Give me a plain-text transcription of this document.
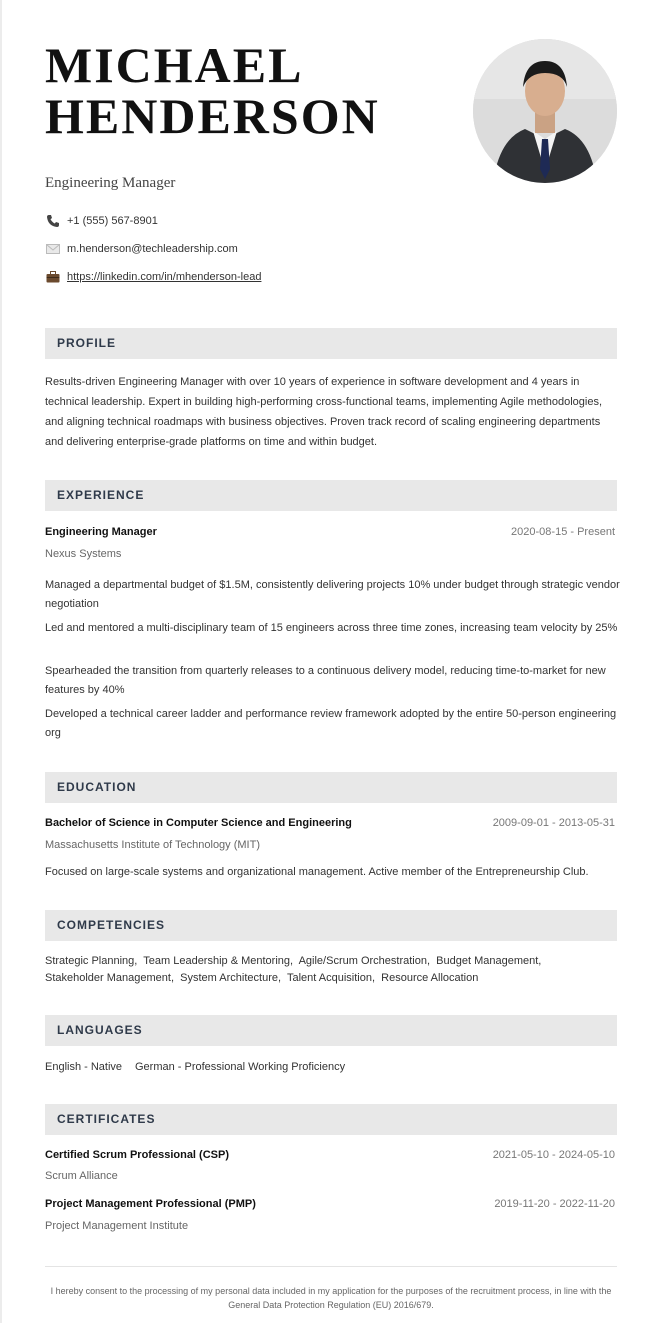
MICHAEL
HENDERSON
Engineering Manager
+1 (555) 567-8901
m.henderson@techleadership.com
https://linkedin.com/in/mhenderson-lead
PROFILE

Results-driven Engineering Manager with over 10 years of experience in software development and 4 years in technical leadership. Expert in building high-performing cross-functional teams, implementing Agile methodologies, and aligning technical roadmaps with business objectives. Proven track record of scaling engineering departments and delivering enterprise-grade platforms on time and within budget.

EXPERIENCE
Engineering Manager	2020-08-15 - Present
Nexus Systems

Managed a departmental budget of $1.5M, consistently delivering projects 10% under budget through strategic vendor negotiation

Led and mentored a multi-disciplinary team of 15 engineers across three time zones, increasing team velocity by 25%

Spearheaded the transition from quarterly releases to a continuous delivery model, reducing time-to-market for new features by 40%

Developed a technical career ladder and performance review framework adopted by the entire 50-person engineering org

EDUCATION
Bachelor of Science in Computer Science and Engineering	2009-09-01 - 2013-05-31
Massachusetts Institute of Technology (MIT)
Focused on large-scale systems and organizational management. Active member of the Entrepreneurship Club.
COMPETENCIES
Strategic Planning, Team Leadership & Mentoring, Agile/Scrum Orchestration, Budget Management,
Stakeholder Management, System Architecture, Talent Acquisition, Resource Allocation
LANGUAGES
English - Native German - Professional Working Proficiency
CERTIFICATES
Certified Scrum Professional (CSP)	2021-05-10 - 2024-05-10
Scrum Alliance
Project Management Professional (PMP)	2019-11-20 - 2022-11-20
Project Management Institute
I hereby consent to the processing of my personal data included in my application for the purposes of the recruitment process, in line with the General Data Protection Regulation (EU) 2016/679.
